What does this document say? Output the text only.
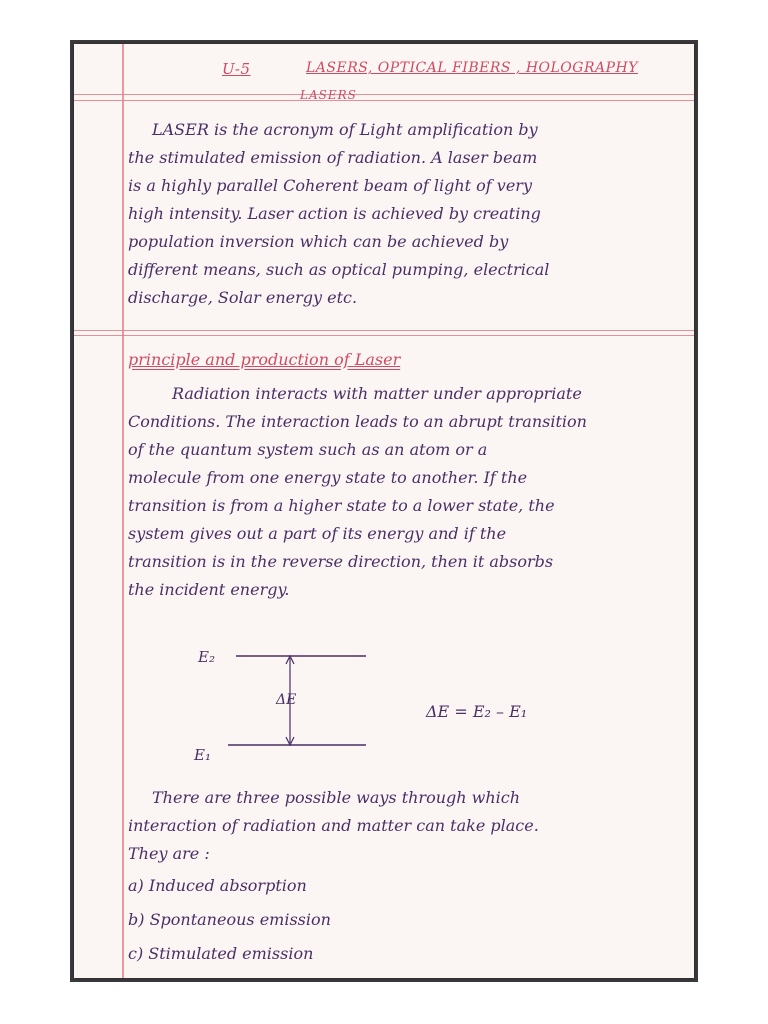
U-5	LASERS, OPTICAL FIBERS , HOLOGRAPHY
LASERS
LASER is the acronym of Light amplification by
the stimulated emission of radiation. A laser beam
is a highly parallel Coherent beam of light of very
high intensity. Laser action is achieved by creating
population inversion which can be achieved by
different means, such as optical pumping, electrical
discharge, Solar energy etc.
principle and production of Laser
Radiation interacts with matter under appropriate
Conditions. The interaction leads to an abrupt transition
of the quantum system such as an atom or a
molecule from one energy state to another. If the
transition is from a higher state to a lower state, the
system gives out a part of its energy and if the
transition is in the reverse direction, then it absorbs
the incident energy.
E₂
E₁
ΔE
ΔE = E₂ – E₁
There are three possible ways through which
interaction of radiation and matter can take place.
They are :
a) Induced absorption
b) Spontaneous emission
c) Stimulated emission
